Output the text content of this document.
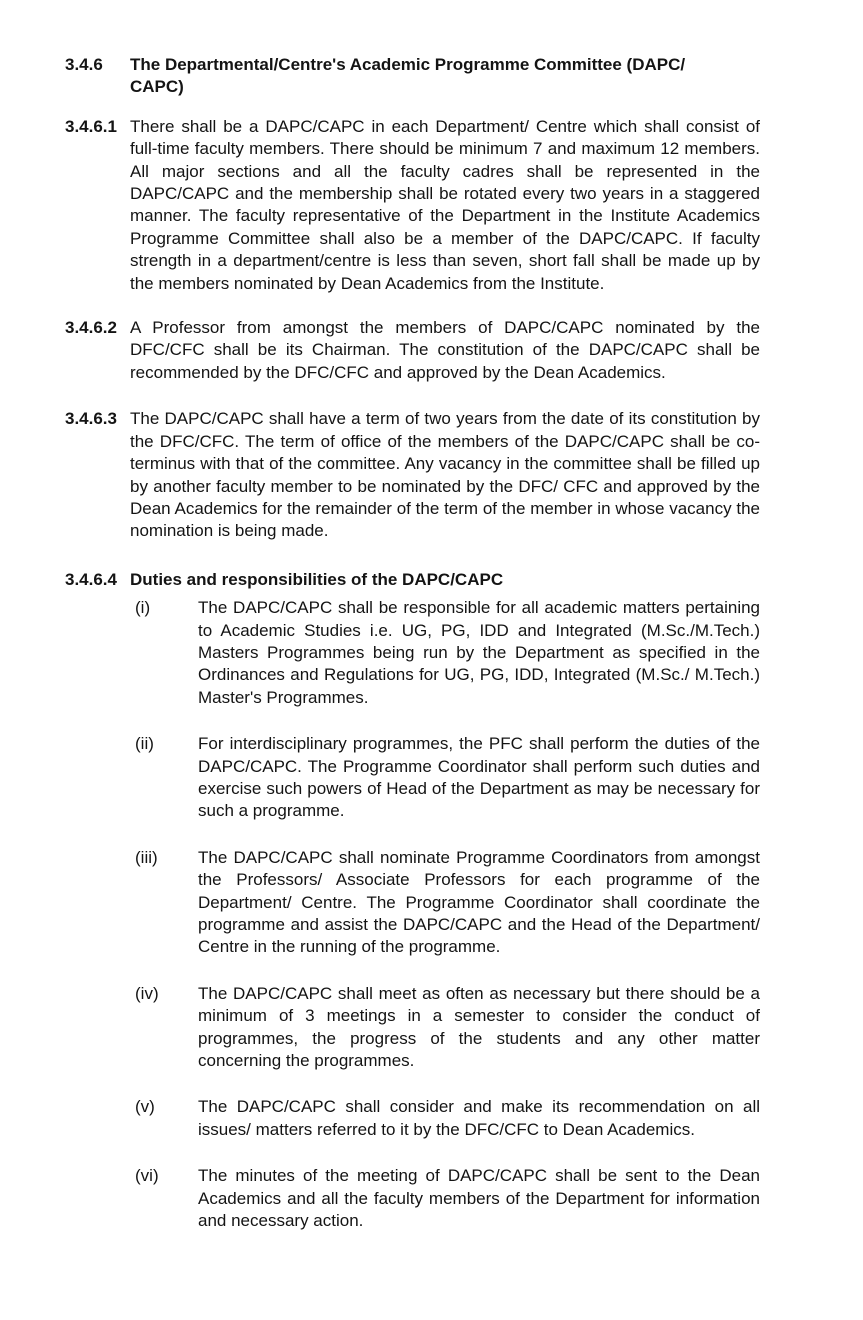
3.4.6	The Departmental/Centre's Academic Programme Committee (DAPC/
CAPC)
3.4.6.1 There shall be a DAPC/CAPC in each Department/ Centre which shall consist of full-time faculty members. There should be minimum 7 and maximum 12 members. All major sections and all the faculty cadres shall be represented in the DAPC/CAPC and the membership shall be rotated every two years in a staggered manner. The faculty representative of the Department in the Institute Academics Programme Committee shall also be a member of the DAPC/CAPC. If faculty strength in a department/centre is less than seven, short fall shall be made up by the members nominated by Dean Academics from the Institute.
3.4.6.2 A Professor from amongst the members of DAPC/CAPC nominated by the DFC/CFC shall be its Chairman. The constitution of the DAPC/CAPC shall be recommended by the DFC/CFC and approved by the Dean Academics.
3.4.6.3 The DAPC/CAPC shall have a term of two years from the date of its constitution by the DFC/CFC. The term of office of the members of the DAPC/CAPC shall be co-terminus with that of the committee. Any vacancy in the committee shall be filled up by another faculty member to be nominated by the DFC/ CFC and approved by the Dean Academics for the remainder of the term of the member in whose vacancy the nomination is being made.
3.4.6.4 Duties and responsibilities of the DAPC/CAPC
(i)	The DAPC/CAPC shall be responsible for all academic matters pertaining to Academic Studies i.e. UG, PG, IDD and Integrated (M.Sc./M.Tech.) Masters Programmes being run by the Department as specified in the Ordinances and Regulations for UG, PG, IDD, Integrated (M.Sc./ M.Tech.) Master's Programmes.
(ii)	For interdisciplinary programmes, the PFC shall perform the duties of the DAPC/CAPC. The Programme Coordinator shall perform such duties and exercise such powers of Head of the Department as may be necessary for such a programme.
(iii)	The DAPC/CAPC shall nominate Programme Coordinators from amongst the Professors/ Associate Professors for each programme of the Department/ Centre. The Programme Coordinator shall coordinate the programme and assist the DAPC/CAPC and the Head of the Department/ Centre in the running of the programme.
(iv)	The DAPC/CAPC shall meet as often as necessary but there should be a minimum of 3 meetings in a semester to consider the conduct of programmes, the progress of the students and any other matter concerning the programmes.
(v)	The DAPC/CAPC shall consider and make its recommendation on all issues/ matters referred to it by the DFC/CFC to Dean Academics.
(vi)	The minutes of the meeting of DAPC/CAPC shall be sent to the Dean Academics and all the faculty members of the Department for information and necessary action.
